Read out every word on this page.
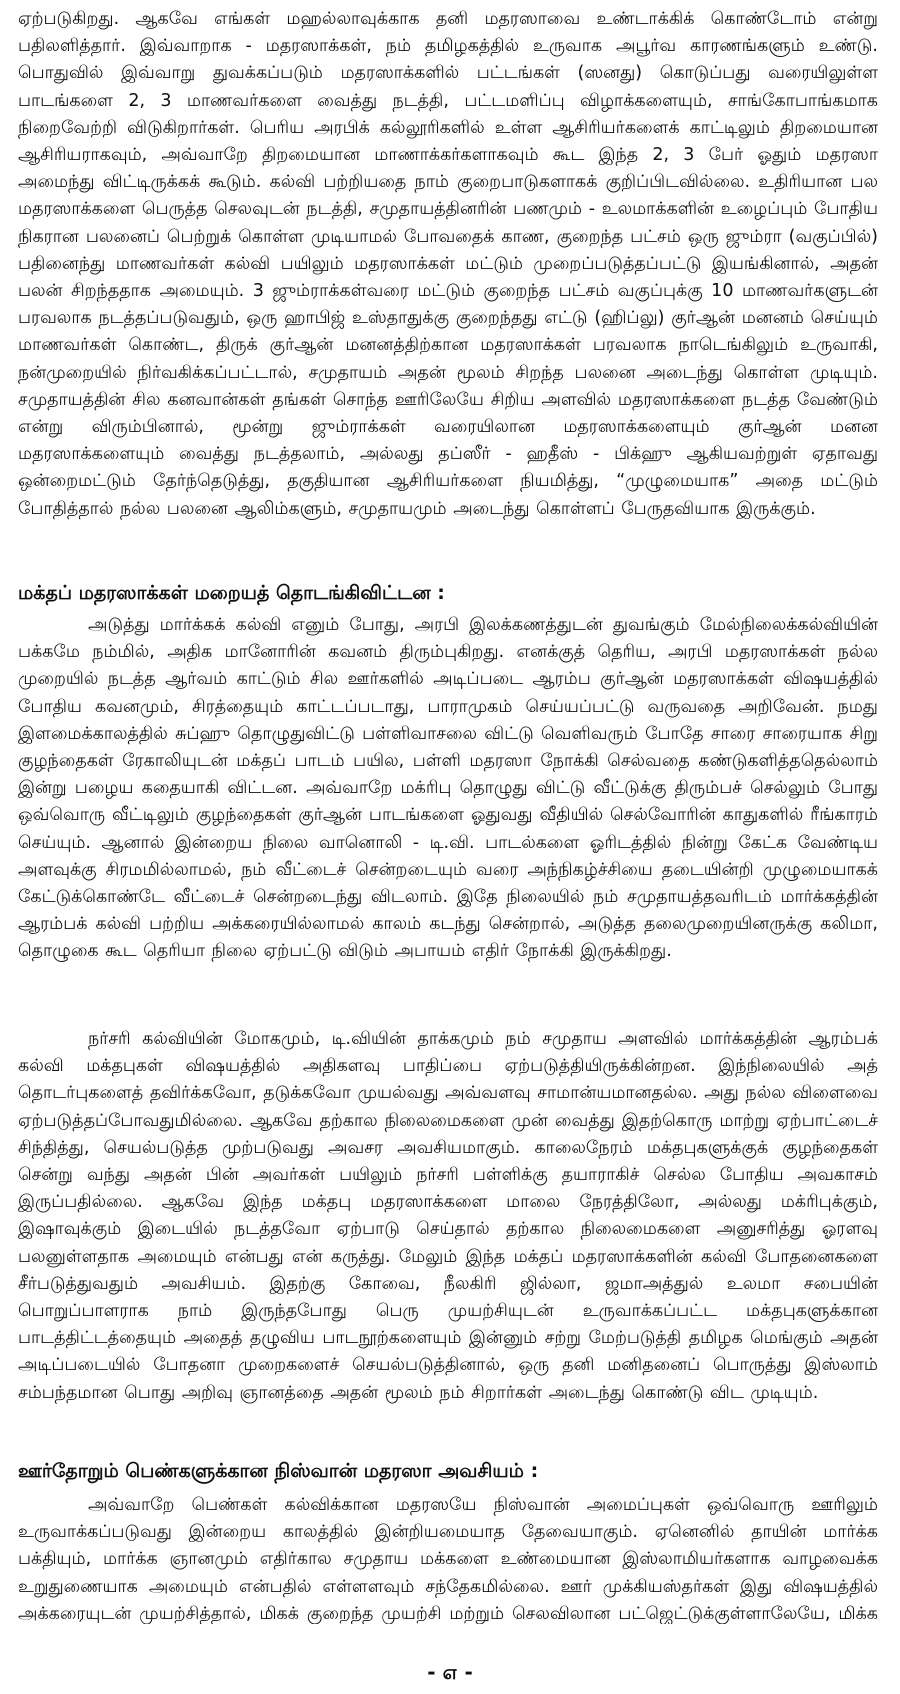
ஏற்படுகிறது. ஆகவே எங்கள் மஹல்லாவுக்காக தனி மதரஸாவை உண்டாக்கிக் கொண்டோம் என்று பதிலளித்தார். இவ்வாறாக - மதரஸாக்கள், நம் தமிழகத்தில் உருவாக அபூர்வ காரணங்களும் உண்டு. பொதுவில் இவ்வாறு துவக்கப்படும் மதரஸாக்களில் பட்டங்கள் (ஸனது) கொடுப்பது வரையிலுள்ள பாடங்களை 2, 3 மாணவர்களை வைத்து நடத்தி, பட்டமளிப்பு விழாக்களையும், சாங்கோபாங்கமாக நிறைவேற்றி விடுகிறார்கள். பெரிய அரபிக் கல்லூரிகளில் உள்ள ஆசிரியர்களைக் காட்டிலும் திறமையான ஆசிரியராகவும், அவ்வாறே திறமையான மாணாக்கர்களாகவும் கூட இந்த 2, 3 பேர் ஓதும் மதரஸா அமைந்து விட்டிருக்கக் கூடும். கல்வி பற்றியதை நாம் குறைபாடுகளாகக் குறிப்பிடவில்லை. உதிரியான பல மதரஸாக்களை பெருத்த செலவுடன் நடத்தி, சமுதாயத்தினரின் பணமும் - உலமாக்களின் உழைப்பும் போதிய நிகரான பலனைப் பெற்றுக் கொள்ள முடியாமல் போவதைக் காண, குறைந்த பட்சம் ஒரு ஜும்ரா (வகுப்பில்) பதினைந்து மாணவர்கள் கல்வி பயிலும் மதரஸாக்கள் மட்டும் முறைப்படுத்தப்பட்டு இயங்கினால், அதன் பலன் சிறந்ததாக அமையும். 3 ஜும்ராக்கள்வரை மட்டும் குறைந்த பட்சம் வகுப்புக்கு 10 மாணவர்களுடன் பரவலாக நடத்தப்படுவதும், ஒரு ஹாபிஜ் உஸ்தாதுக்கு குறைந்தது எட்டு (ஹிப்லு) குர்ஆன் மனனம் செய்யும் மாணவர்கள் கொண்ட, திருக் குர்ஆன் மனனத்திற்கான மதரஸாக்கள் பரவலாக நாடெங்கிலும் உருவாகி, நன்முறையில் நிர்வகிக்கப்பட்டால், சமுதாயம் அதன் மூலம் சிறந்த பலனை அடைந்து கொள்ள முடியும். சமுதாயத்தின் சில கனவான்கள் தங்கள் சொந்த ஊரிலேயே சிறிய அளவில் மதரஸாக்களை நடத்த வேண்டும் என்று விரும்பினால், மூன்று ஜும்ராக்கள் வரையிலான மதரஸாக்களையும் குர்ஆன் மனன மதரஸாக்களையும் வைத்து நடத்தலாம், அல்லது தப்ஸீர் - ஹதீஸ் - பிக்ஹு ஆகியவற்றுள் ஏதாவது ஒன்றைமட்டும் தேர்ந்தெடுத்து, தகுதியான ஆசிரியர்களை நியமித்து, “முழுமையாக” அதை மட்டும் போதித்தால் நல்ல பலனை ஆலிம்களும், சமுதாயமும் அடைந்து கொள்ளப் பேருதவியாக இருக்கும்.

மக்தப் மதரஸாக்கள் மறையத் தொடங்கிவிட்டன :

அடுத்து மார்க்கக் கல்வி எனும் போது, அரபி இலக்கணத்துடன் துவங்கும் மேல்நிலைக்கல்வியின் பக்கமே நம்மில், அதிக மானோரின் கவனம் திரும்புகிறது. எனக்குத் தெரிய, அரபி மதரஸாக்கள் நல்ல முறையில் நடத்த ஆர்வம் காட்டும் சில ஊர்களில் அடிப்படை ஆரம்ப குர்ஆன் மதரஸாக்கள் விஷயத்தில் போதிய கவனமும், சிரத்தையும் காட்டப்படாது, பாராமுகம் செய்யப்பட்டு வருவதை அறிவேன். நமது இளமைக்காலத்தில் சுப்ஹு தொழுதுவிட்டு பள்ளிவாசலை விட்டு வெளிவரும் போதே சாரை சாரையாக சிறு குழந்தைகள் ரேகாலியுடன் மக்தப் பாடம் பயில, பள்ளி மதரஸா நோக்கி செல்வதை கண்டுகளித்ததெல்லாம் இன்று பழைய கதையாகி விட்டன. அவ்வாறே மக்ரிபு தொழுது விட்டு வீட்டுக்கு திரும்பச் செல்லும் போது ஒவ்வொரு வீட்டிலும் குழந்தைகள் குர்ஆன் பாடங்களை ஓதுவது வீதியில் செல்வோரின் காதுகளில் ரீங்காரம் செய்யும். ஆனால் இன்றைய நிலை வானொலி - டி.வி. பாடல்களை ஓரிடத்தில் நின்று கேட்க வேண்டிய அளவுக்கு சிரமமில்லாமல், நம் வீட்டைச் சென்றடையும் வரை அந்நிகழ்ச்சியை தடையின்றி முழுமையாகக் கேட்டுக்கொண்டே வீட்டைச் சென்றடைந்து விடலாம். இதே நிலையில் நம் சமுதாயத்தவரிடம் மார்க்கத்தின் ஆரம்பக் கல்வி பற்றிய அக்கரையில்லாமல் காலம் கடந்து சென்றால், அடுத்த தலைமுறையினருக்கு கலிமா, தொழுகை கூட தெரியா நிலை ஏற்பட்டு விடும் அபாயம் எதிர் நோக்கி இருக்கிறது.

நர்சரி கல்வியின் மோகமும், டி.வியின் தாக்கமும் நம் சமுதாய அளவில் மார்க்கத்தின் ஆரம்பக் கல்வி மக்தபுகள் விஷயத்தில் அதிகளவு பாதிப்பை ஏற்படுத்தியிருக்கின்றன. இந்நிலையில் அத் தொடர்புகளைத் தவிர்க்கவோ, தடுக்கவோ முயல்வது அவ்வளவு சாமான்யமானதல்ல. அது நல்ல விளைவை ஏற்படுத்தப்போவதுமில்லை. ஆகவே தற்கால நிலைமைகளை முன் வைத்து இதற்கொரு மாற்று ஏற்பாட்டைச் சிந்தித்து, செயல்படுத்த முற்படுவது அவசர அவசியமாகும். காலைநேரம் மக்தபுகளுக்குக் குழந்தைகள் சென்று வந்து அதன் பின் அவர்கள் பயிலும் நர்சரி பள்ளிக்கு தயாராகிச் செல்ல போதிய அவகாசம் இருப்பதில்லை. ஆகவே இந்த மக்தபு மதரஸாக்களை மாலை நேரத்திலோ, அல்லது மக்ரிபுக்கும், இஷாவுக்கும் இடையில் நடத்தவோ ஏற்பாடு செய்தால் தற்கால நிலைமைகளை அனுசரித்து ஓரளவு பலனுள்ளதாக அமையும் என்பது என் கருத்து. மேலும் இந்த மக்தப் மதரஸாக்களின் கல்வி போதனைகளை சீர்படுத்துவதும் அவசியம். இதற்கு கோவை, நீலகிரி ஜில்லா, ஜமாஅத்துல் உலமா சபையின் பொறுப்பாளராக நாம் இருந்தபோது பெரு முயற்சியுடன் உருவாக்கப்பட்ட மக்தபுகளுக்கான பாடத்திட்டத்தையும் அதைத் தழுவிய பாடநூற்களையும் இன்னும் சற்று மேற்படுத்தி தமிழக மெங்கும் அதன் அடிப்படையில் போதனா முறைகளைச் செயல்படுத்தினால், ஒரு தனி மனிதனைப் பொருத்து இஸ்லாம் சம்பந்தமான பொது அறிவு ஞானத்தை அதன் மூலம் நம் சிறார்கள் அடைந்து கொண்டு விட முடியும்.

ஊர்தோறும் பெண்களுக்கான நிஸ்வான் மதரஸா அவசியம் :

அவ்வாறே பெண்கள் கல்விக்கான மதரஸயே நிஸ்வான் அமைப்புகள் ஒவ்வொரு ஊரிலும் உருவாக்கப்படுவது இன்றைய காலத்தில் இன்றியமையாத தேவையாகும். ஏனெனில் தாயின் மார்க்க பக்தியும், மார்க்க ஞானமும் எதிர்கால சமுதாய மக்களை உண்மையான இஸ்லாமியர்களாக வாழவைக்க உறுதுணையாக அமையும் என்பதில் எள்ளளவும் சந்தேகமில்லை. ஊர் முக்கியஸ்தர்கள் இது விஷயத்தில் அக்கரையுடன் முயற்சித்தால், மிகக் குறைந்த முயற்சி மற்றும் செலவிலான பட்ஜெட்டுக்குள்ளாலேயே, மிக்க

- ௭ -
